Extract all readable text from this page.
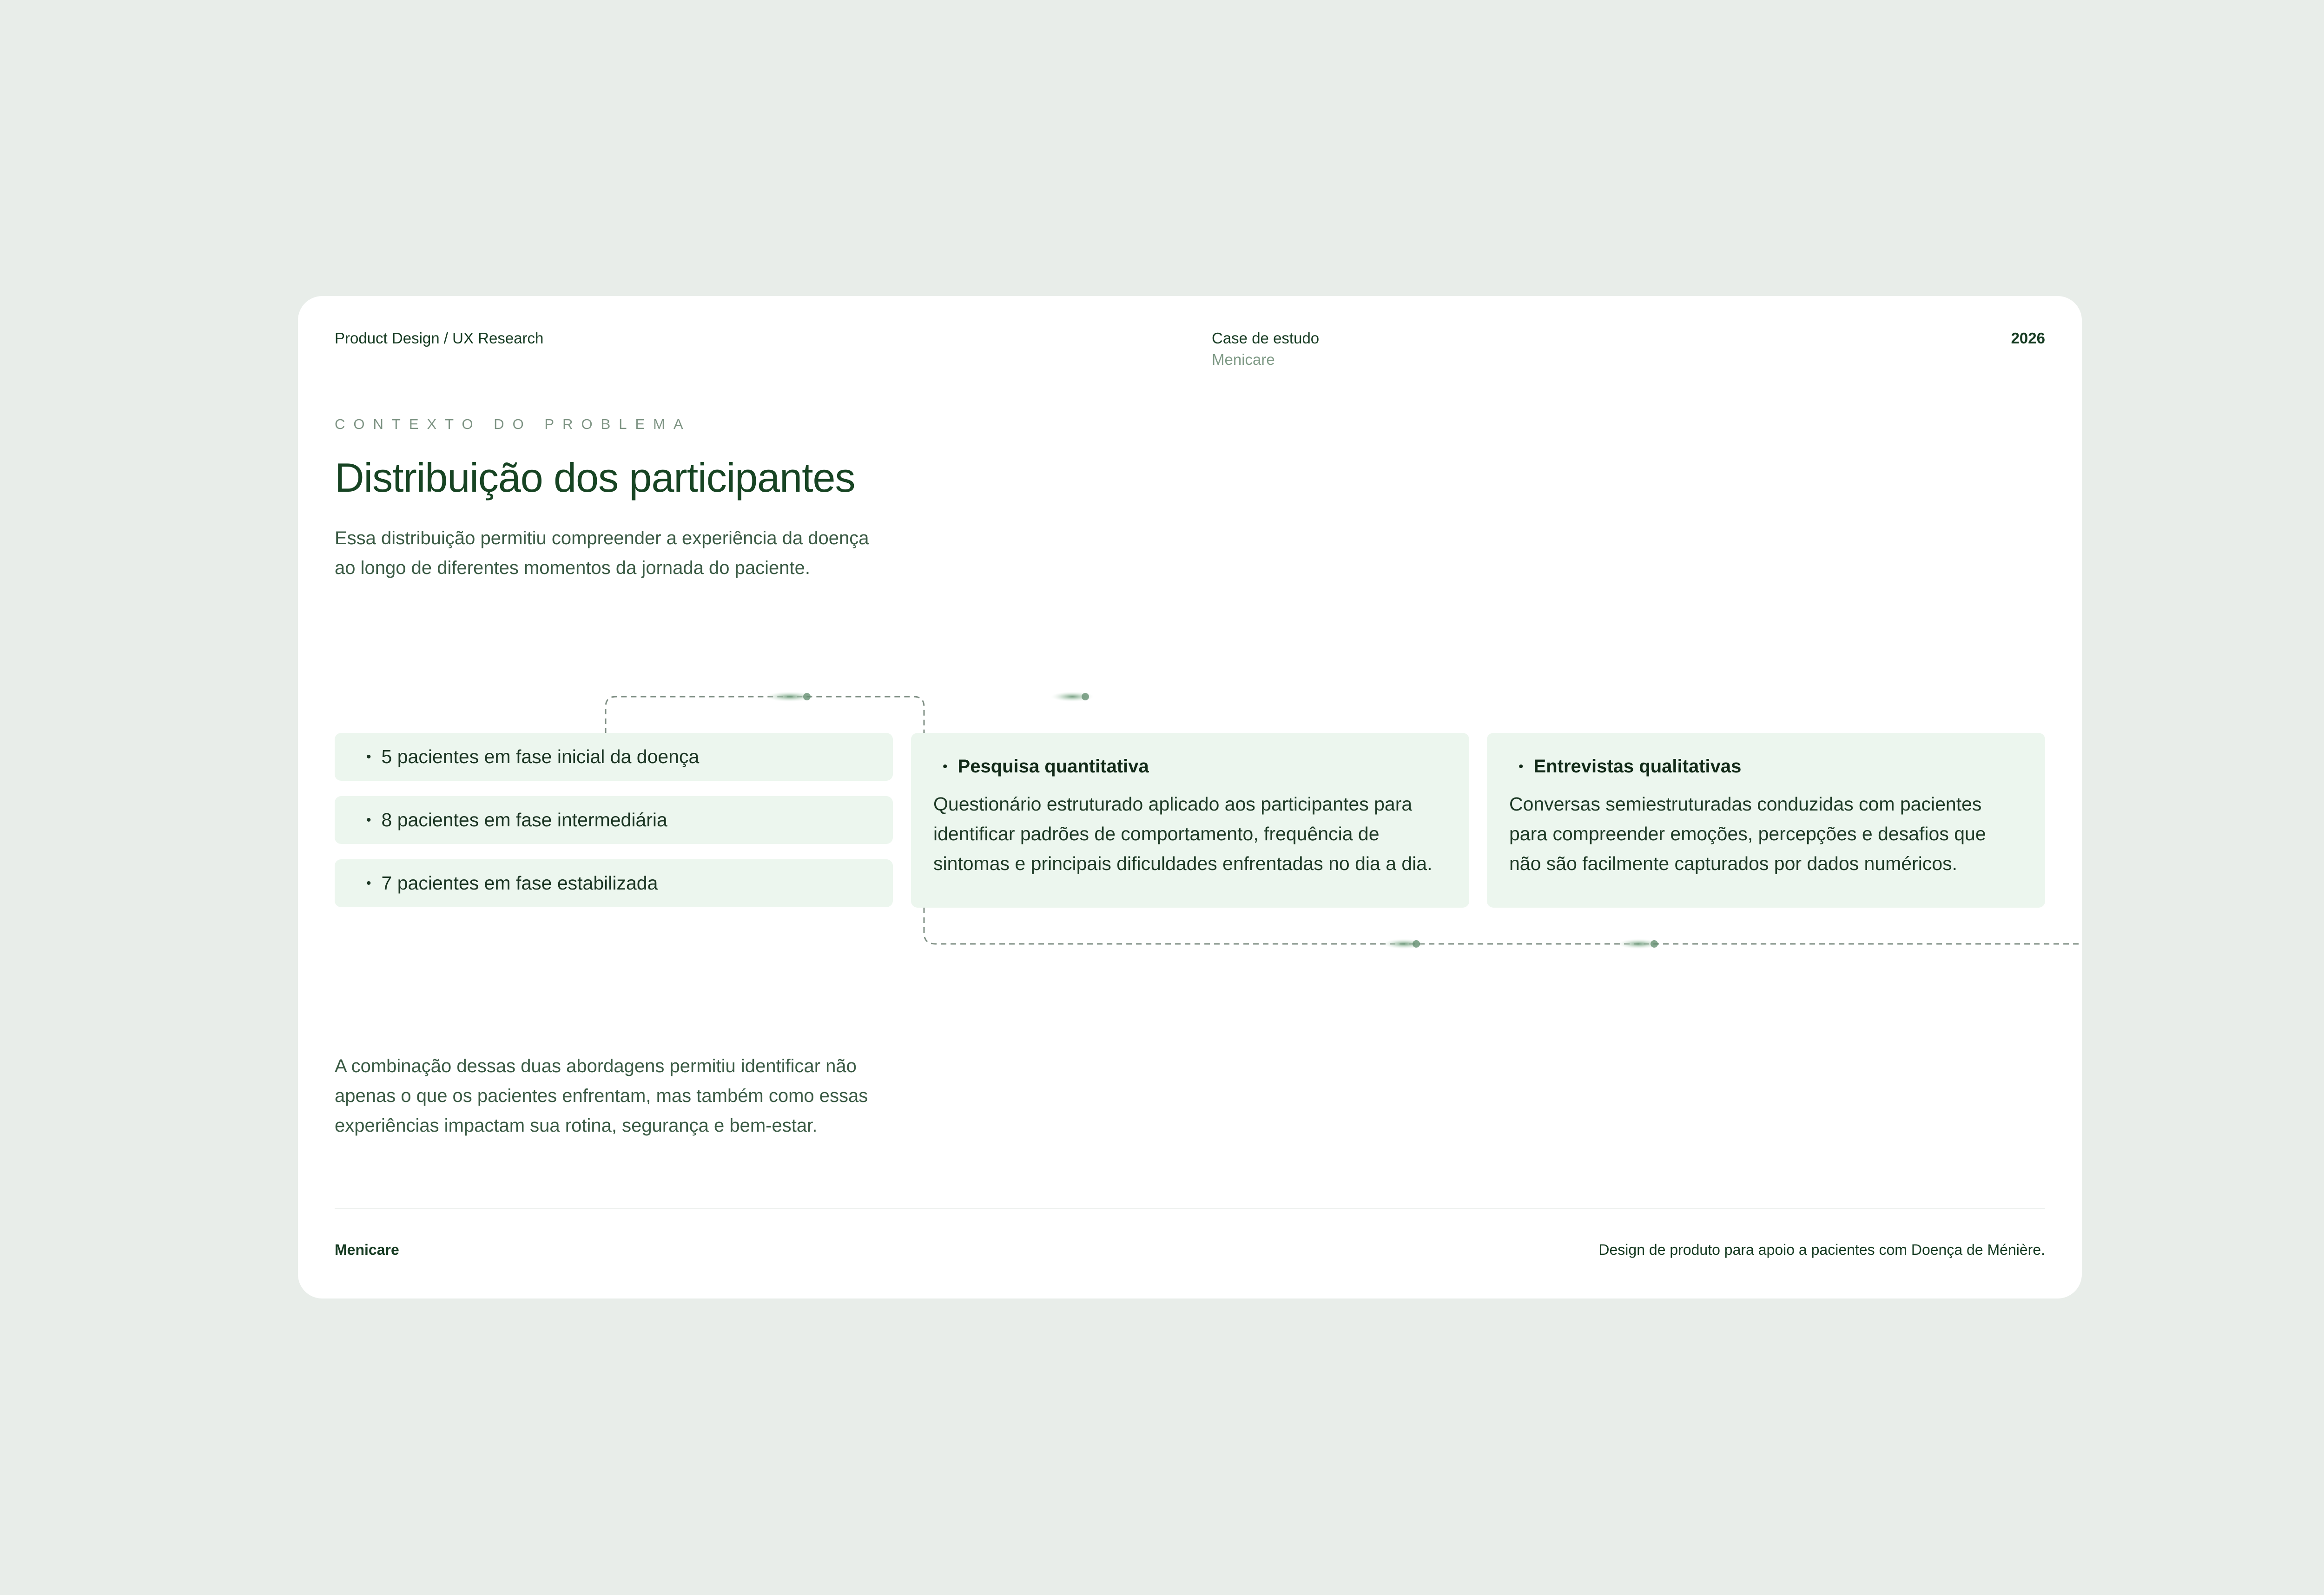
Product Design / UX Research	Case de estudo
Menicare
2026
CONTEXTO DO PROBLEMA
Distribuição dos participantes

Essa distribuição permitiu compreender a experiência da doença ao longo de diferentes momentos da jornada do paciente.

• 5 pacientes em fase inicial da doença
• 8 pacientes em fase intermediária
• 7 pacientes em fase estabilizada
• Pesquisa quantitativa

Questionário estruturado aplicado aos participantes para identificar padrões de comportamento, frequência de sintomas e principais dificuldades enfrentadas no dia a dia.

• Entrevistas qualitativas

Conversas semiestruturadas conduzidas com pacientes para compreender emoções, percepções e desafios que não são facilmente capturados por dados numéricos.

A combinação dessas duas abordagens permitiu identificar não apenas o que os pacientes enfrentam, mas também como essas experiências impactam sua rotina, segurança e bem-estar.

Menicare	Design de produto para apoio a pacientes com Doença de Ménière.
